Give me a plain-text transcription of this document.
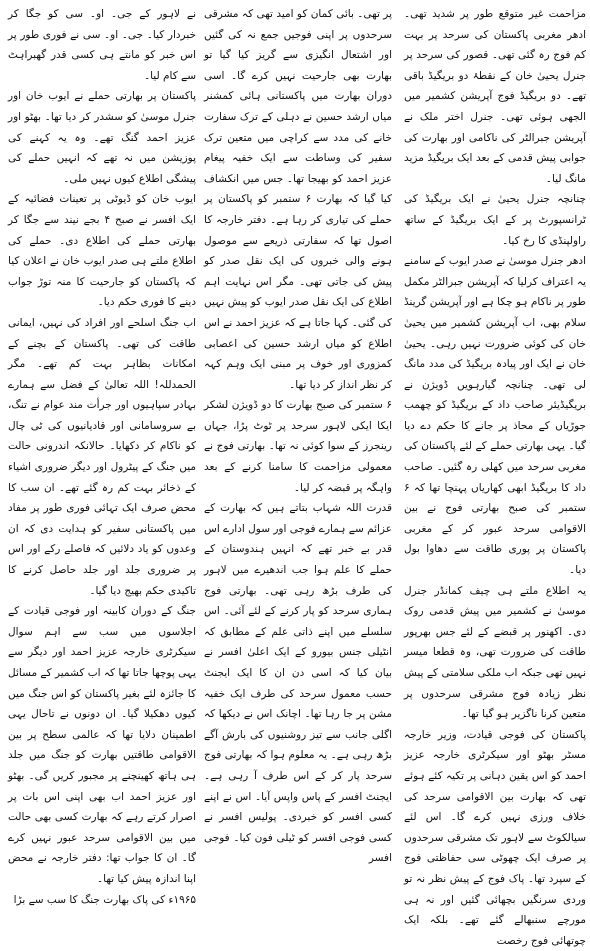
مزاحمت غیر متوقع طور پر شدید تھی۔ ادھر مغربی پاکستان کی سرحد پر بہت کم فوج رہ گئی تھی۔ قصور کی سرحد پر جنرل یحییٰ خان کے نقطۂ دو بریگیڈ باقی تھے۔ دو بریگیڈ فوج آپریشن کشمیر میں الجھی ہوئی تھی۔ جنرل اختر ملک نے آپریشن جبرالٹر کی ناکامی اور بھارت کی جوابی پیش قدمی کے بعد ایک بریگیڈ مزید مانگ لیا۔

چنانچہ جنرل یحییٰ نے ایک بریگیڈ کی ٹرانسپورٹ پر کے ایک بریگیڈ کے ساتھ راولپنڈی کا رخ کیا۔

ادھر جنرل موسیٰ نے صدر ایوب کے سامنے یہ اعتراف کرلیا کہ آپریشن جبرالٹر مکمل طور پر ناکام ہو چکا ہے اور آپریشن گرینڈ سلام بھی، اب آپریشن کشمیر میں یحییٰ خان کی کوئی ضرورت نہیں رہی۔ یحییٰ خان نے ایک اور پیادہ بریگیڈ کی مدد مانگ لی تھی۔ چنانچہ گیارہویں ڈویژن نے بریگیڈیئر صاحب داد کے بریگیڈ کو چھمب جوڑیاں کے محاذ پر جانے کا حکم دے دیا گیا۔ یہی بھارتی حملے کے لئے پاکستان کی مغربی سرحد میں کھلی رہ گئیں۔ صاحب داد کا بریگیڈ ابھی کھاریاں پہنچا تھا کہ ۶ ستمبر کی صبح بھارتی فوج نے بین الاقوامی سرحد عبور کر کے مغربی پاکستان پر پوری طاقت سے دھاوا بول دیا۔

یہ اطلاع ملتے ہی چیف کمانڈر جنرل موسیٰ نے کشمیر میں پیش قدمی روک دی۔ اکھنور پر قبضے کے لئے جس بھرپور طاقت کی ضرورت تھی، وہ قطعا میسر نہیں تھی جبکہ اب ملکی سلامتی کے پیش نظر زیادہ فوج مشرقی سرحدوں پر متعین کرنا ناگزیر ہو گیا تھا۔

پاکستان کی فوجی قیادت، وزیر خارجہ مسٹر بھٹو اور سیکرٹری خارجہ عزیز احمد کو اس یقین دہانی پر تکیہ کئے ہوئے تھی کہ بھارت بین الاقوامی سرحد کی خلاف ورزی نہیں کرے گا۔ اس لئے سیالکوٹ سے لاہور تک مشرقی سرحدوں پر صرف ایک چھوٹی سی حفاظتی فوج کے سپرد تھا۔ پاک فوج کے پیش نظر نہ تو وردی سرنگیں بچھائی گئیں اور نہ ہی مورچے سنبھالے گئے تھے۔ بلکہ ایک چوتھائی فوج رخصت

پر تھی۔ بائی کمان کو امید تھی کہ مشرقی سرحدوں پر اپنی فوجیں جمع نہ کی گئیں اور اشتعال انگیزی سے گریز کیا گیا تو بھارت بھی جارحیت نہیں کرے گا۔ اسی دوران بھارت میں پاکستانی ہائی کمشنر میاں ارشد حسین نے دہلی کے ترک سفارت خانے کی مدد سے کراچی میں متعین ترک سفیر کی وساطت سے ایک خفیہ پیغام عزیز احمد کو بھیجا تھا۔ جس میں انکشاف کیا گیا کہ بھارت ۶ ستمبر کو پاکستان پر حملے کی تیاری کر رہا ہے۔ دفتر خارجہ کا اصول تھا کہ سفارتی ذریعے سے موصول ہونے والی خبروں کی ایک نقل صدر کو پیش کی جاتی تھی۔ مگر اس نہایت اہم اطلاع کی ایک نقل صدر ایوب کو پیش نہیں کی گئی۔ کہا جاتا ہے کہ عزیز احمد نے اس اطلاع کو میاں ارشد حسین کی اعصابی کمزوری اور خوف پر مبنی ایک وہم کہہ کر نظر انداز کر دیا تھا۔

۶ ستمبر کی صبح بھارت کا دو ڈویژن لشکر ایکا ایکی لاہور سرحد پر ٹوٹ پڑا، جہاں رینجرز کے سوا کوئی نہ تھا۔ بھارتی فوج نے معمولی مزاحمت کا سامنا کرنے کے بعد واہگہ پر قبضہ کر لیا۔

قدرت اللہ شہاب بتاتے ہیں کہ بھارت کے عزائم سے ہمارے فوجی اور سول ادارے اس قدر بے خبر تھے کہ انہیں ہندوستان کے حملے کا علم ہوا جب اندھیرے میں لاہور کی طرف بڑھ رہی تھی۔ بھارتی فوج ہماری سرحد کو پار کرنے کے لئے آئی۔ اس سلسلے میں اپنے ذاتی علم کے مطابق کہ انٹیلی جنس بیورو کے ایک اعلیٰ افسر نے بیان کیا کہ اسی دن ان کا ایک ایجنٹ حسب معمول سرحد کی طرف ایک خفیہ مشن پر جا رہا تھا۔ اچانک اس نے دیکھا کہ اگلی جانب سے تیز روشنیوں کی بارش آگے بڑھ رہی ہے۔ یہ معلوم ہوا کہ بھارتی فوج سرحد پار کر کے اس طرف آ رہی ہے۔ ایجنٹ افسر کے پاس واپس آیا۔ اس نے اپنے کسی افسر کو خبردی۔ پولیس افسر نے کسی فوجی افسر کو ٹیلی فون کیا۔ فوجی افسر

نے لاہور کے جی۔ او۔ سی کو جگا کر خبردار کیا۔ جی۔ او۔ سی نے فوری طور پر اس خبر کو مانتے ہی کسی قدر گھبراہٹ سے کام لیا۔

پاکستان پر بھارتی حملے نے ایوب خان اور جنرل موسیٰ کو سشدر کر دیا تھا۔ بھٹو اور عزیز احمد گنگ تھے۔ وہ یہ کہنے کی پوزیشن میں نہ تھے کہ انہیں حملے کی پیشگی اطلاع کیوں نہیں ملی۔

ایوب خان کو ڈیوٹی پر تعینات فضائیہ کے ایک افسر نے صبح ۴ بجے نیند سے جگا کر بھارتی حملے کی اطلاع دی۔ حملے کی اطلاع ملتے ہی صدر ایوب خان نے اعلان کیا کہ پاکستان کو جارحیت کا منہ توڑ جواب دینے کا فوری حکم دیا۔

اب جنگ اسلحے اور افراد کی نہیں، ایمانی طاقت کی تھی۔ پاکستان کے بچنے کے امکانات بظاہر بہت کم تھے۔ مگر الحمدللہ! اللہ تعالیٰ کے فضل سے ہمارے بہادر سپاہیوں اور جرأت مند عوام نے تنگ، بے سروسامانی اور قادیانیوں کی ٹی چال کو ناکام کر دکھایا۔ حالانکہ اندرونی حالت میں جنگ کے پیٹرول اور دیگر ضروری اشیاء کے ذخائر بہت کم رہ گئے تھے۔ ان سب کا محض صرف ایک تہائی فوری طور پر مفاد میں پاکستانی سفیر کو ہدایت دی کہ ان وعدوں کو یاد دلائیں کہ فاصلے رکے اور اس پر ضروری جلد اور جلد حاصل کرنے کا تاکیدی حکم بھیج دیا گیا۔

جنگ کے دوران کابینہ اور فوجی قیادت کے اجلاسوں میں سب سے اہم سوال سیکرٹری خارجہ عزیز احمد اور دیگر سے یہی پوچھا جاتا تھا کہ اب کشمیر کے مسائل کا جائزہ لئے بغیر پاکستان کو اس جنگ میں کیوں دھکیلا گیا۔ ان دونوں نے تاحال یہی اطمینان دلایا تھا کہ عالمی سطح پر بین الاقوامی طاقتیں بھارت کو جنگ میں جلد ہی ہاتھ کھینچنے پر مجبور کریں گی۔ بھٹو اور عزیز احمد اب بھی اپنی اس بات پر اصرار کرتے رہے کہ بھارت کسی بھی حالت میں بین الاقوامی سرحد عبور نہیں کرے گا۔ ان کا جواب تھا: دفتر خارجہ نے محض اپنا اندازہ پیش کیا تھا۔

۱۹۶۵ء کی پاک بھارت جنگ کا سب سے بڑا
